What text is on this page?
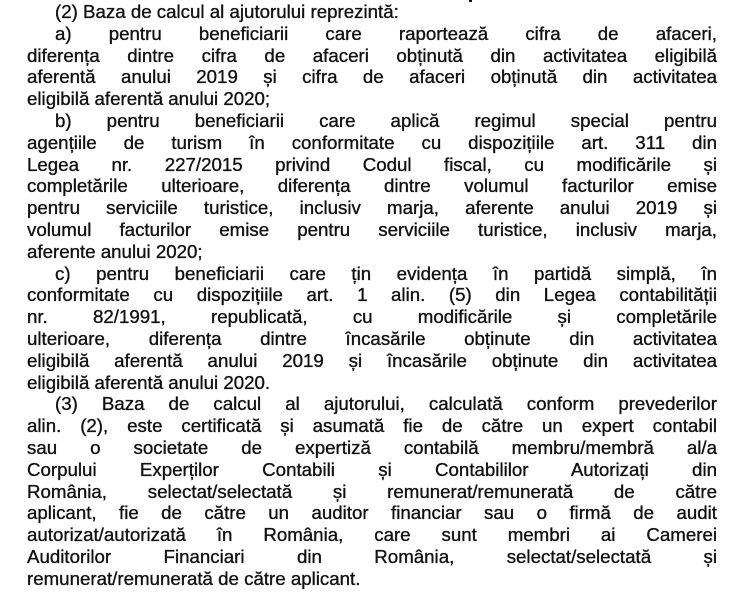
(2) Baza de calcul al ajutorului reprezintă:
a) pentru beneficiarii care raportează cifra de afaceri,
diferența dintre cifra de afaceri obținută din activitatea eligibilă
aferentă anului 2019 și cifra de afaceri obținută din activitatea
eligibilă aferentă anului 2020;
b) pentru beneficiarii care aplică regimul special pentru
agențiile de turism în conformitate cu dispozițiile art. 311 din
Legea nr. 227/2015 privind Codul fiscal, cu modificările și
completările ulterioare, diferența dintre volumul facturilor emise
pentru serviciile turistice, inclusiv marja, aferente anului 2019 și
volumul facturilor emise pentru serviciile turistice, inclusiv marja,
aferente anului 2020;
c) pentru beneficiarii care țin evidența în partidă simplă, în
conformitate cu dispozițiile art. 1 alin. (5) din Legea contabilității
nr. 82/1991, republicată, cu modificările și completările
ulterioare, diferența dintre încasările obținute din activitatea
eligibilă aferentă anului 2019 și încasările obținute din activitatea
eligibilă aferentă anului 2020.
(3) Baza de calcul al ajutorului, calculată conform prevederilor
alin. (2), este certificată și asumată fie de către un expert contabil
sau o societate de expertiză contabilă membru/membră al/a
Corpului Experților Contabili și Contabililor Autorizați din
România, selectat/selectată și remunerat/remunerată de către
aplicant, fie de către un auditor financiar sau o firmă de audit
autorizat/autorizată în România, care sunt membri ai Camerei
Auditorilor Financiari din România, selectat/selectată și
remunerat/remunerată de către aplicant.
